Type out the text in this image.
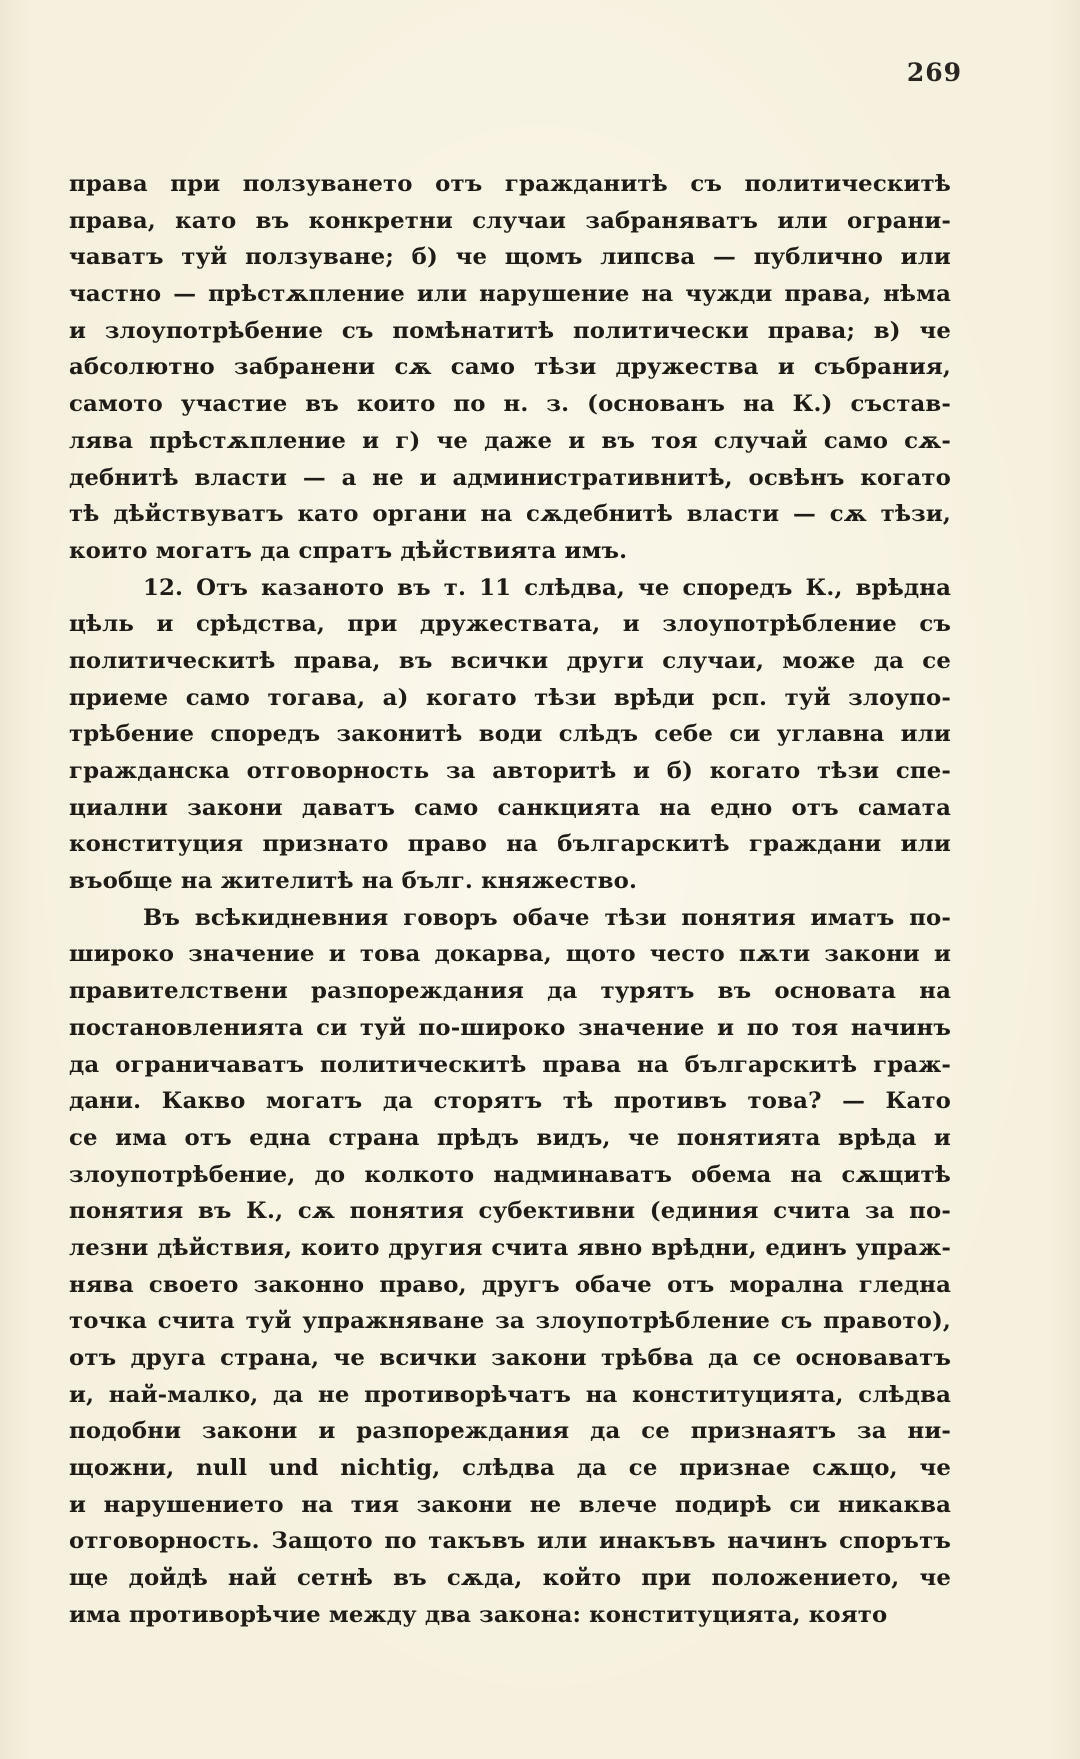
269
права при ползуването отъ гражданитѣ съ политическитѣ
права, като въ конкретни случаи забраняватъ или ограни-
чаватъ туй ползуване; б) че щомъ липсва — публично или
частно — прѣстѫпление или нарушение на чужди права, нѣма
и злоупотрѣбение съ помѣнатитѣ политически права; в) че
абсолютно забранени сѫ само тѣзи дружества и събрания,
самото участие въ които по н. з. (основанъ на К.) състав-
лява прѣстѫпление и г) че даже и въ тоя случай само сѫ-
дебнитѣ власти — а не и административнитѣ, освѣнъ когато
тѣ дѣйствуватъ като органи на сѫдебнитѣ власти — сѫ тѣзи,
които могатъ да спратъ дѣйствията имъ.
12. Отъ казаното въ т. 11 слѣдва, че споредъ К., врѣдна
цѣль и срѣдства, при дружествата, и злоупотрѣбление съ
политическитѣ права, въ всички други случаи, може да се
приеме само тогава, а) когато тѣзи врѣди рсп. туй злоупо-
трѣбение споредъ законитѣ води слѣдъ себе си углавна или
гражданска отговорность за авторитѣ и б) когато тѣзи спе-
циални закони даватъ само санкцията на едно отъ самата
конституция признато право на българскитѣ граждани или
въобще на жителитѣ на бълг. княжество.
Въ всѣкидневния говоръ обаче тѣзи понятия иматъ по-
широко значение и това докарва, щото често пѫти закони и
правителствени разпореждания да турятъ въ основата на
постановленията си туй по-широко значение и по тоя начинъ
да ограничаватъ политическитѣ права на българскитѣ граж-
дани. Какво могатъ да сторятъ тѣ противъ това? — Като
се има отъ една страна прѣдъ видъ, че понятията врѣда и
злоупотрѣбение, до колкото надминаватъ обема на сѫщитѣ
понятия въ К., сѫ понятия субективни (единия счита за по-
лезни дѣйствия, които другия счита явно врѣдни, единъ упраж-
нява своето законно право, другъ обаче отъ морална гледна
точка счита туй упражняване за злоупотрѣбление съ правото),
отъ друга страна, че всички закони трѣбва да се основаватъ
и, най-малко, да не противорѣчатъ на конституцията, слѣдва
подобни закони и разпореждания да се признаятъ за ни-
щожни, null und nichtig, слѣдва да се признае сѫщо, че
и нарушението на тия закони не влече подирѣ си никаква
отговорность. Защото по такъвъ или инакъвъ начинъ спорътъ
ще дойдѣ най сетнѣ въ сѫда, който при положението, че
има противорѣчие между два закона: конституцията, която
